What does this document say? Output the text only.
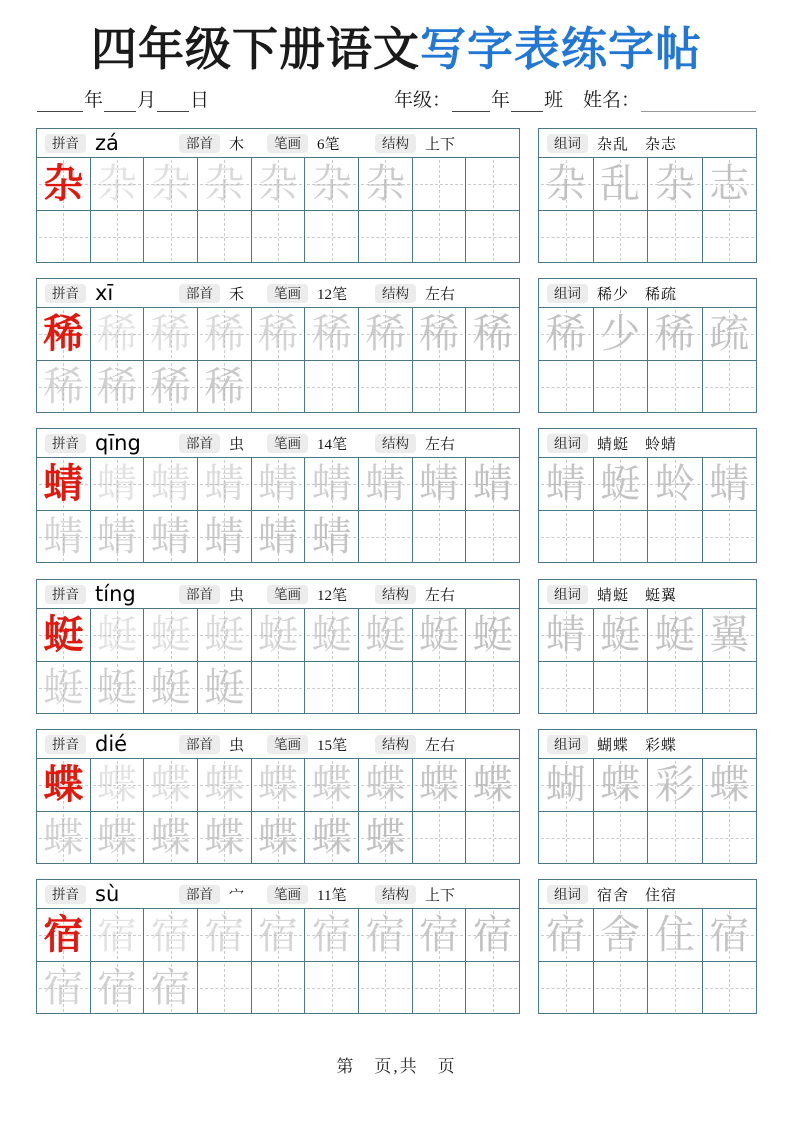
四年级下册语文写字表练字帖
年 月 日	年级： 年 班 姓名：
拼音 zá	部首	木	笔画	6笔	结构	上下
杂 杂 杂 杂 杂 杂 杂
组词	杂乱　杂志
杂 乱 杂 志
拼音 xī	部首	禾	笔画	12笔	结构	左右
稀 稀 稀 稀 稀 稀 稀 稀 稀
稀 稀 稀 稀
组词	稀少　稀疏
稀 少 稀 疏
拼音 qīng	部首	虫	笔画	14笔	结构	左右
蜻 蜻 蜻 蜻 蜻 蜻 蜻 蜻 蜻
蜻 蜻 蜻 蜻 蜻 蜻
组词	蜻蜓　蛉蜻
蜻 蜓 蛉 蜻
拼音 tíng	部首	虫	笔画	12笔	结构	左右
蜓 蜓 蜓 蜓 蜓 蜓 蜓 蜓 蜓
蜓 蜓 蜓 蜓
组词	蜻蜓　蜓翼
蜻 蜓 蜓 翼
拼音 dié	部首	虫	笔画	15笔	结构	左右
蝶 蝶 蝶 蝶 蝶 蝶 蝶 蝶 蝶
蝶 蝶 蝶 蝶 蝶 蝶 蝶
组词	蝴蝶　彩蝶
蝴 蝶 彩 蝶
拼音 sù	部首	宀	笔画	11笔	结构	上下
宿 宿 宿 宿 宿 宿 宿 宿 宿
宿 宿 宿
组词	宿舍　住宿
宿 舍 住 宿
第　页,共　页
